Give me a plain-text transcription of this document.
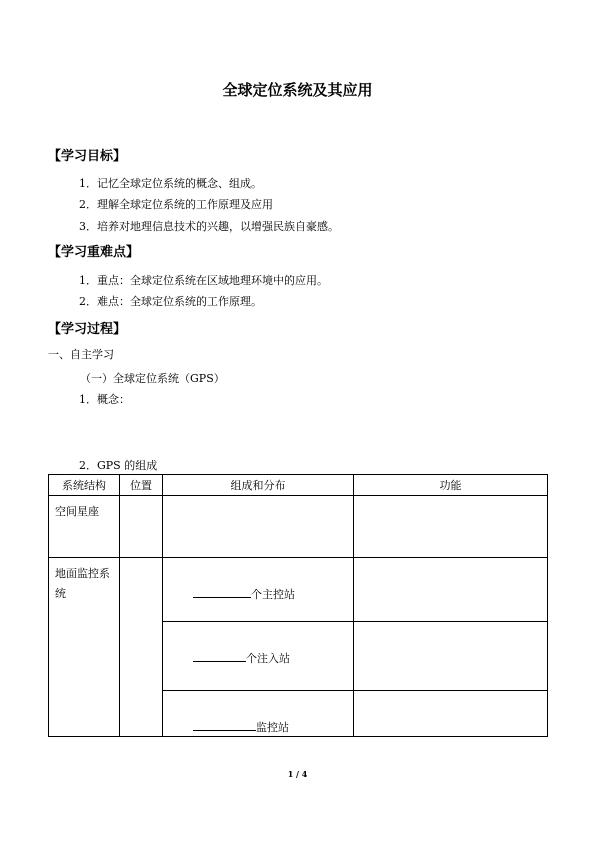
全球定位系统及其应用
【学习目标】
1．记忆全球定位系统的概念、组成。
2．理解全球定位系统的工作原理及应用
3．培养对地理信息技术的兴趣，以增强民族自豪感。
【学习重难点】
1．重点：全球定位系统在区域地理环境中的应用。
2．难点：全球定位系统的工作原理。
【学习过程】
一、自主学习
（一）全球定位系统（GPS）
1．概念：
2．GPS 的组成
系统结构	位置	组成和分布	功能

空间星座			

地面监控系统		个主控站	

		个注入站	

		监控站	

1 / 4
